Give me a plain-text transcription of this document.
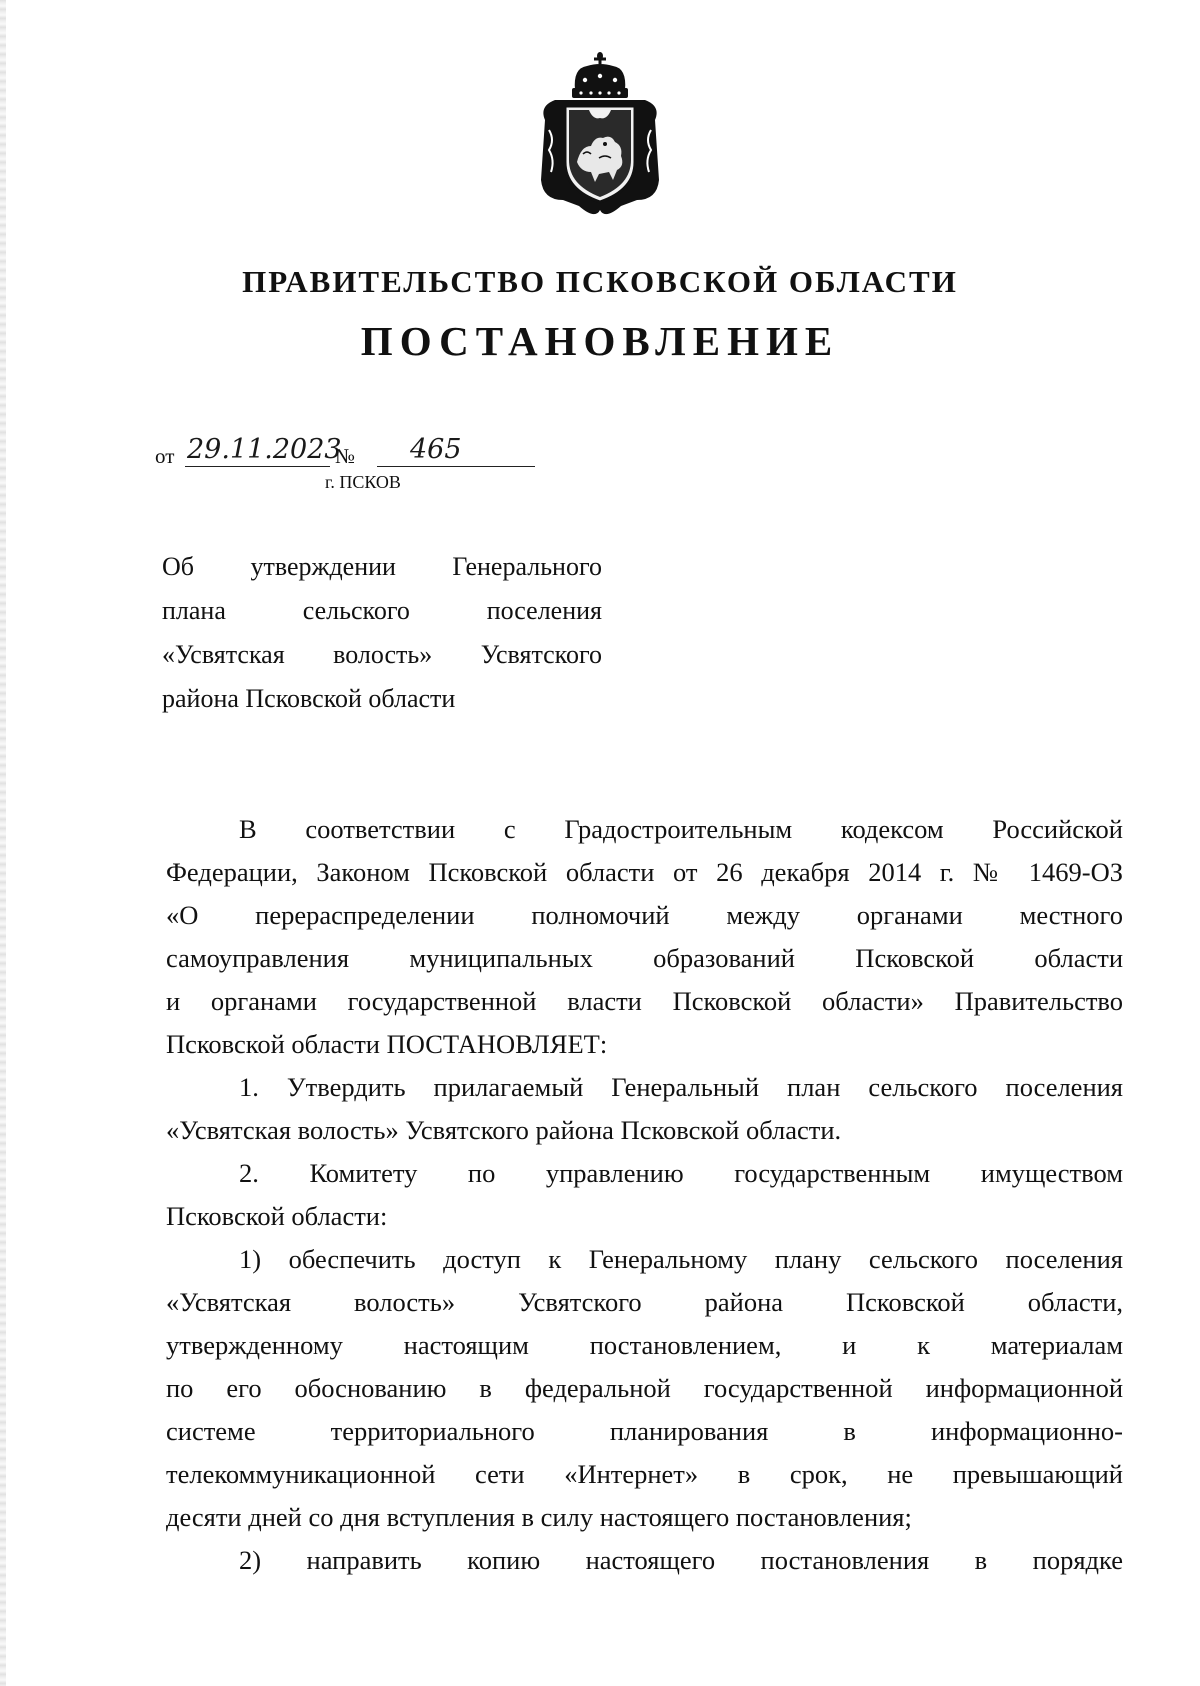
ПРАВИТЕЛЬСТВО ПСКОВСКОЙ ОБЛАСТИ
ПОСТАНОВЛЕНИЕ
от 29.11.2023
№ 465
г. ПСКОВ
Об утверждении Генерального
плана сельского поселения
«Усвятская волость» Усвятского
района Псковской области
В соответствии с Градостроительным кодексом Российской
Федерации, Законом Псковской области от 26 декабря 2014 г. № 1469-ОЗ
«О перераспределении полномочий между органами местного
самоуправления муниципальных образований Псковской области
и органами государственной власти Псковской области» Правительство
Псковской области ПОСТАНОВЛЯЕТ:
1. Утвердить прилагаемый Генеральный план сельского поселения
«Усвятская волость» Усвятского района Псковской области.
2. Комитету по управлению государственным имуществом
Псковской области:
1) обеспечить доступ к Генеральному плану сельского поселения
«Усвятская волость» Усвятского района Псковской области,
утвержденному настоящим постановлением, и к материалам
по его обоснованию в федеральной государственной информационной
системе территориального планирования в информационно-
телекоммуникационной сети «Интернет» в срок, не превышающий
десяти дней со дня вступления в силу настоящего постановления;
2) направить копию настоящего постановления в порядке
